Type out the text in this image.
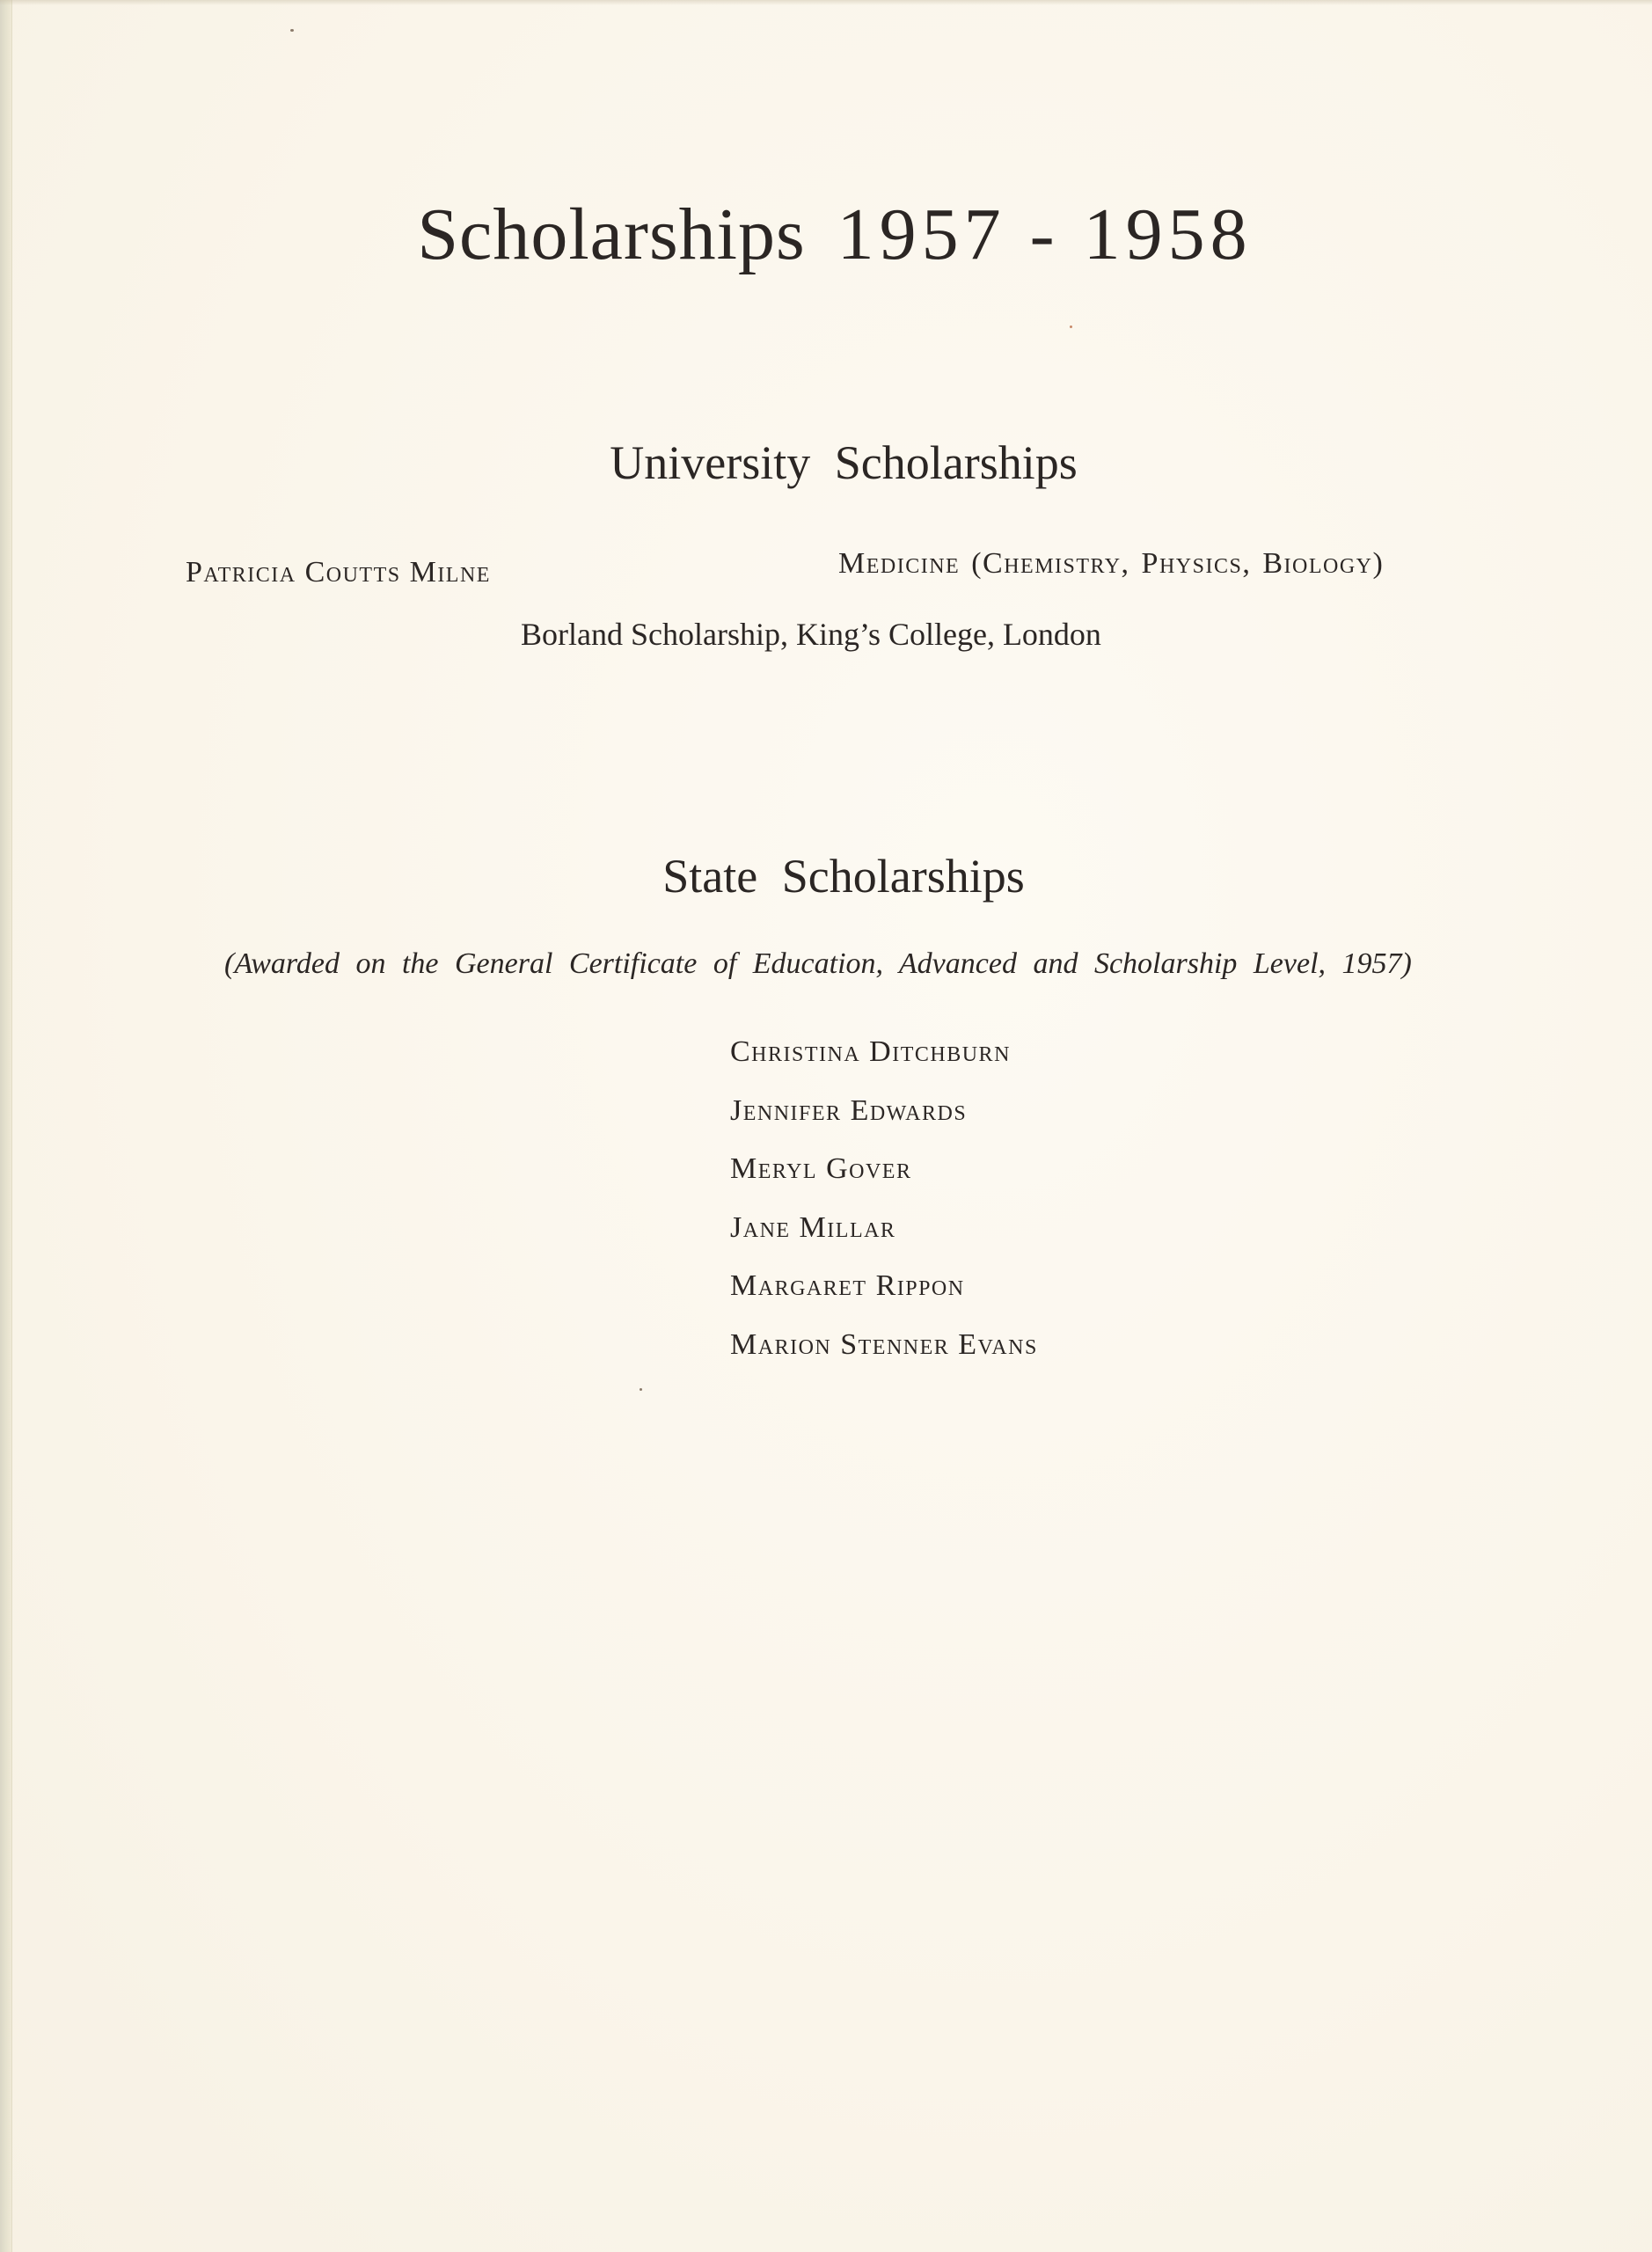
Scholarships 1957 - 1958
University Scholarships
Patricia Coutts Milne	Medicine (Chemistry, Physics, Biology)
Borland Scholarship, King’s College, London
State Scholarships
(Awarded on the General Certificate of Education, Advanced and Scholarship Level, 1957)
Christina Ditchburn
Jennifer Edwards
Meryl Gover
Jane Millar
Margaret Rippon
Marion Stenner Evans
